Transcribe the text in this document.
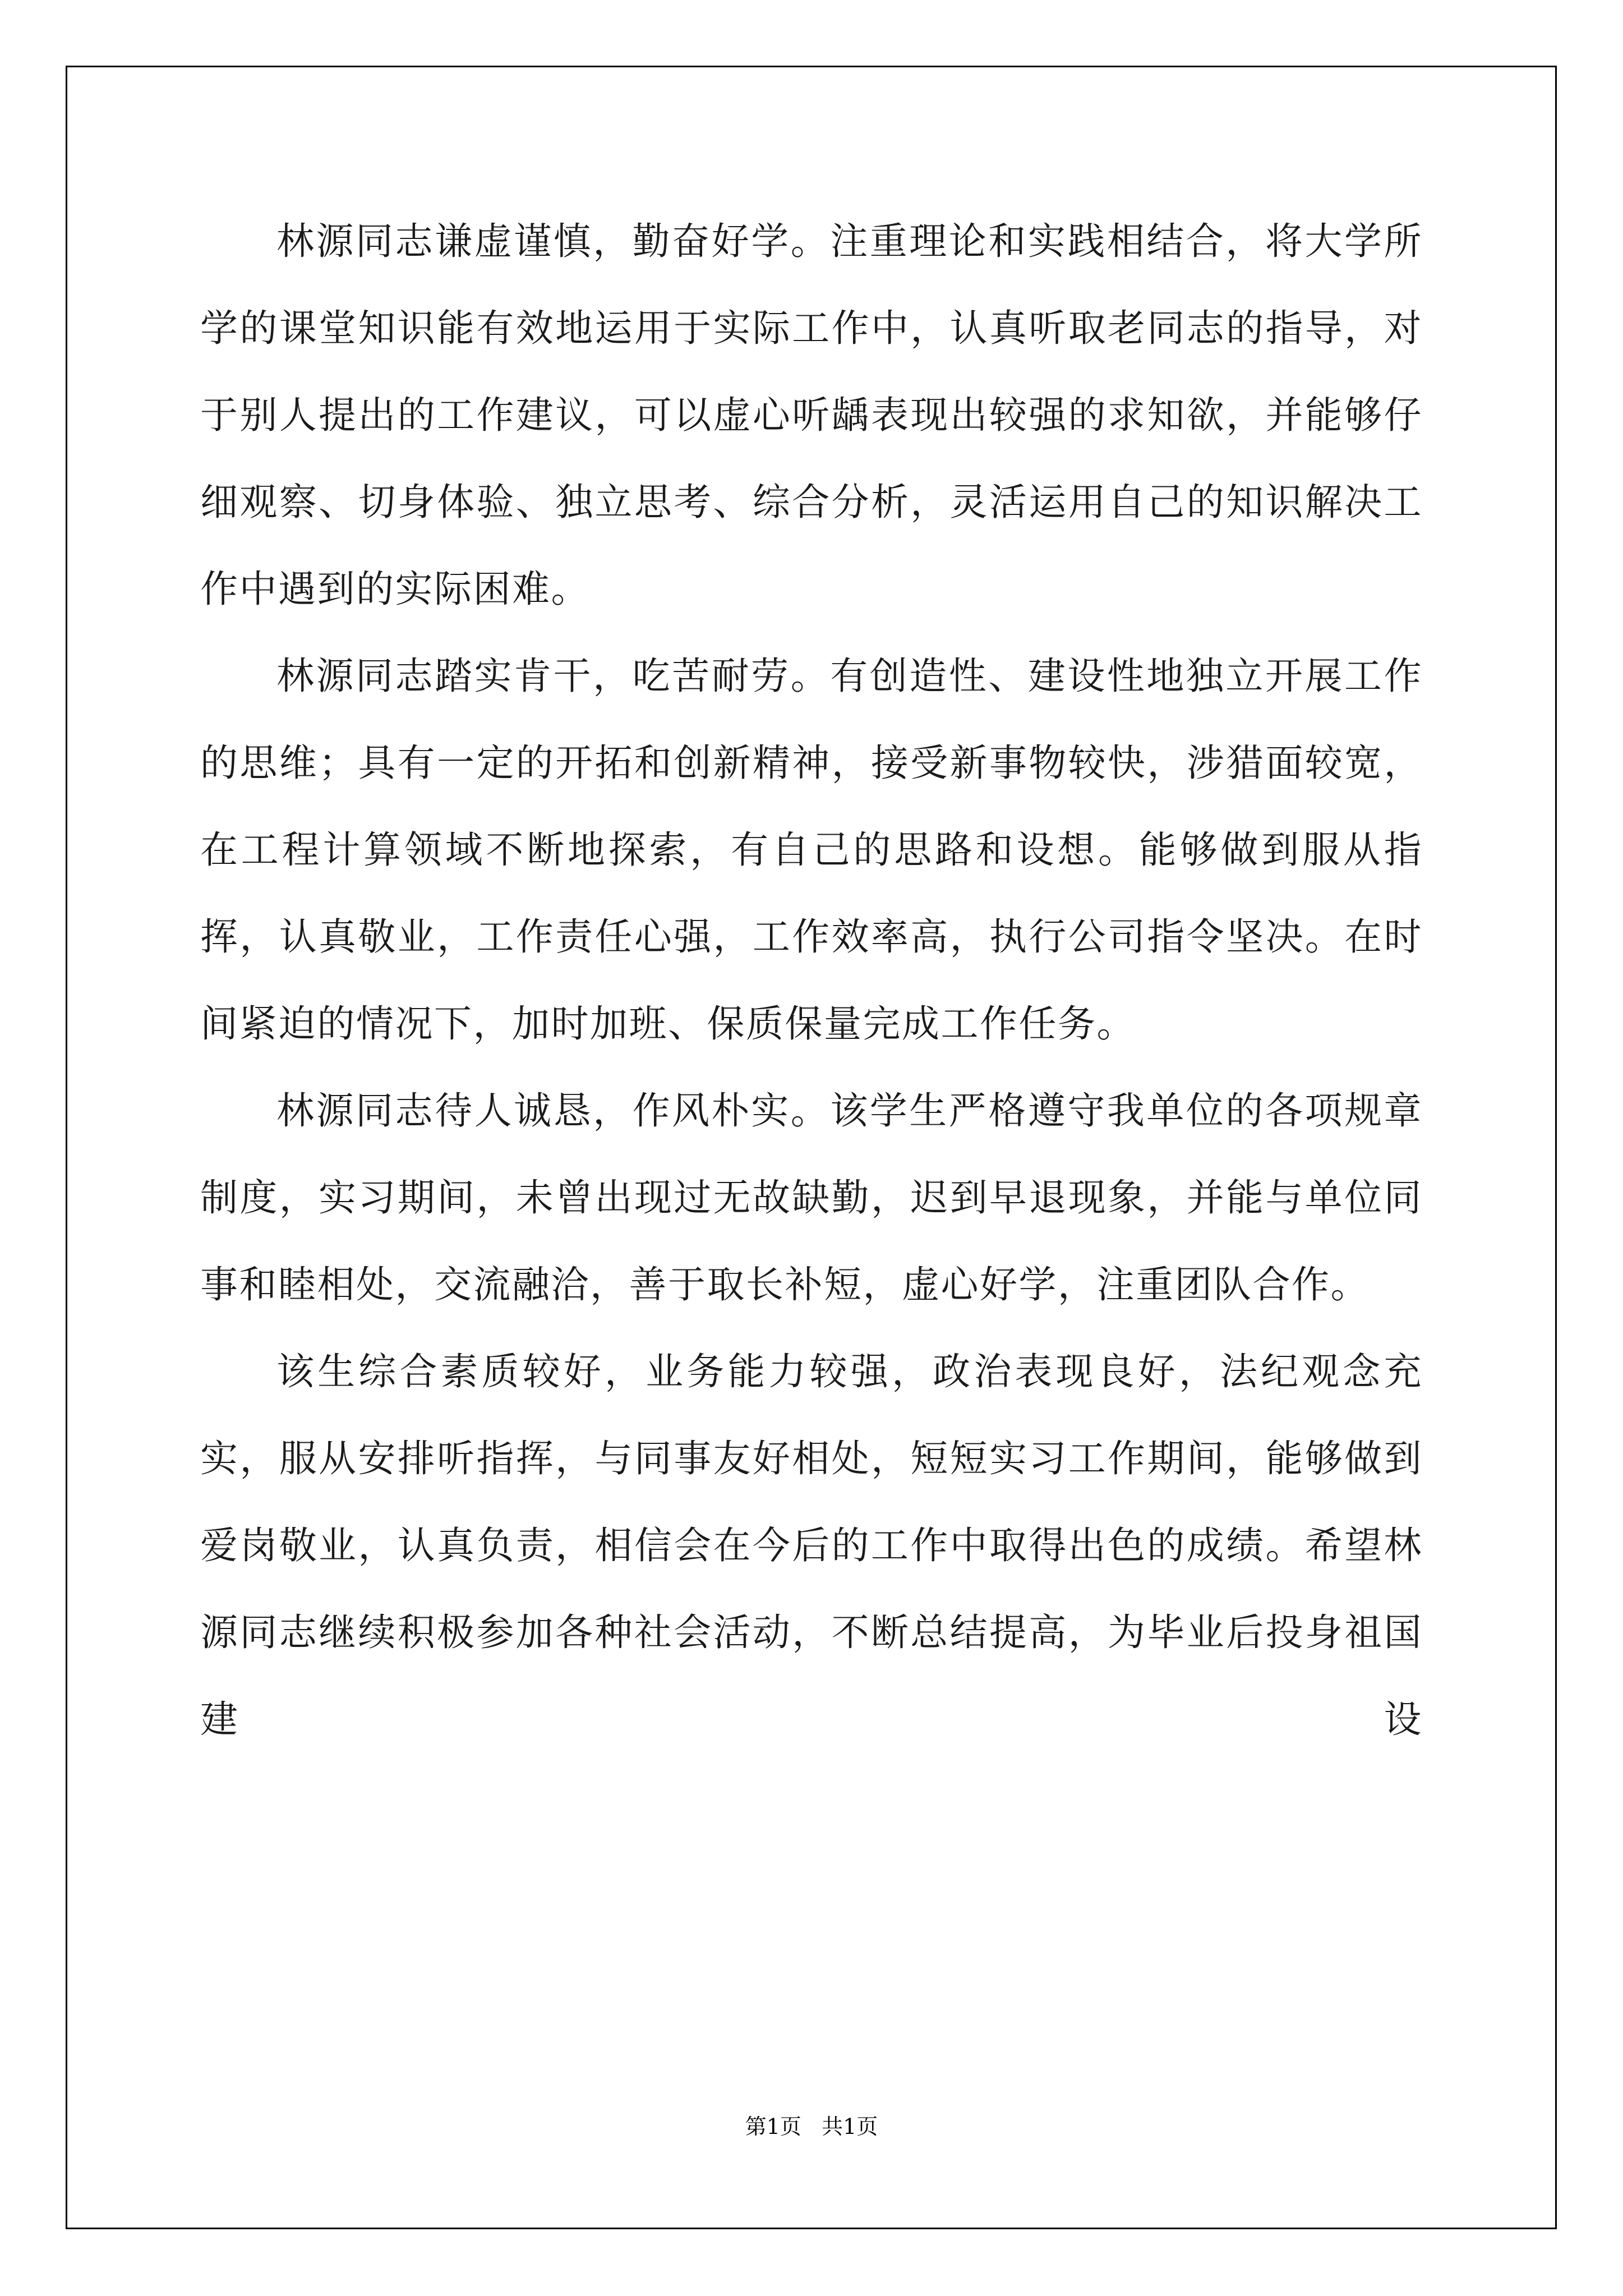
林源同志谦虚谨慎，勤奋好学。注重理论和实践相结合，将大学所学的课堂知识能有效地运用于实际工作中，认真听取老同志的指导，对于别人提出的工作建议，可以虚心听龋表现出较强的求知欲，并能够仔细观察、切身体验、独立思考、综合分析，灵活运用自己的知识解决工作中遇到的实际困难。

林源同志踏实肯干，吃苦耐劳。有创造性、建设性地独立开展工作的思维；具有一定的开拓和创新精神，接受新事物较快，涉猎面较宽，在工程计算领域不断地探索，有自己的思路和设想。能够做到服从指挥，认真敬业，工作责任心强，工作效率高，执行公司指令坚决。在时间紧迫的情况下，加时加班、保质保量完成工作任务。

林源同志待人诚恳，作风朴实。该学生严格遵守我单位的各项规章制度，实习期间，未曾出现过无故缺勤，迟到早退现象，并能与单位同事和睦相处，交流融洽，善于取长补短，虚心好学，注重团队合作。

该生综合素质较好，业务能力较强，政治表现良好，法纪观念充实，服从安排听指挥，与同事友好相处，短短实习工作期间，能够做到爱岗敬业，认真负责，相信会在今后的工作中取得出色的成绩。希望林源同志继续积极参加各种社会活动，不断总结提高，为毕业后投身祖国建设

第1页   共1页
